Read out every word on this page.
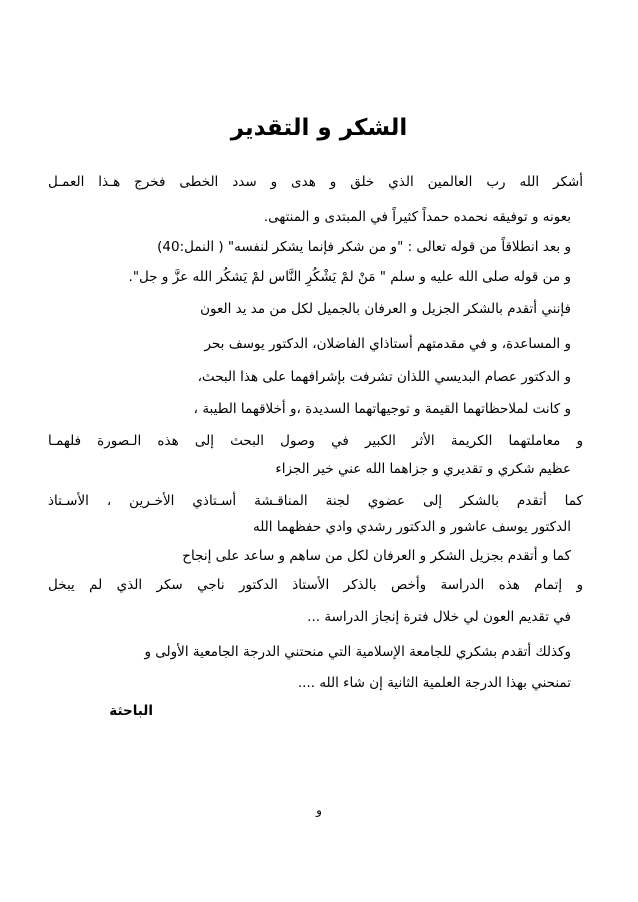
الشكر و التقدير
أشكر الله رب العالمين الذي خلق و هدى و سدد الخطى فخرج هـذا العمـل
بعونه و توفيقه نحمده حمداً كثيراً في المبتدى و المنتهى.
و بعد انطلاقاً من قوله تعالى : "و من شكر فإنما يشكر لنفسه" ( النمل:40)
و من قوله صلى الله عليه و سلم " مَنْ لمْ يَشْكُرِ النَّاس لمْ يَشكُر الله عزَّ و جل".
فإنني أتقدم بالشكر الجزيل و العرفان بالجميل لكل من مد يد العون
و المساعدة، و في مقدمتهم أستاذاي الفاضلان، الدكتور يوسف بحر
و الدكتور عصام البديسي اللذان تشرفت بإشرافهما على هذا البحث،
و كانت لملاحظاتهما القيمة و توجيهاتهما السديدة ،و أخلاقهما الطيبة ،
و معاملتهما الكريمة الأثر الكبير في وصول البحث إلى هذه الـصورة فلهمـا
عظيم شكري و تقديري و جزاهما الله عني خير الجزاء
كما أتقدم بالشكر إلى عضوي لجنة المناقـشة أسـتاذي الأخـرين ، الأسـتاذ
الدكتور يوسف عاشور و الدكتور رشدي وادي حفظهما الله
كما و أتقدم بجزيل الشكر و العرفان لكل من ساهم و ساعد على إنجاح
و إتمام هذه الدراسة وأخص بالذكر الأستاذ الدكتور ناجي سكر الذي لم يبخل
في تقديم العون لي خلال فترة إنجاز الدراسة ...
وكذلك أتقدم بشكري للجامعة الإسلامية التي منحتني الدرجة الجامعية الأولى و
تمنحني بهذا الدرجة العلمية الثانية إن شاء الله ....
الباحثة
و
